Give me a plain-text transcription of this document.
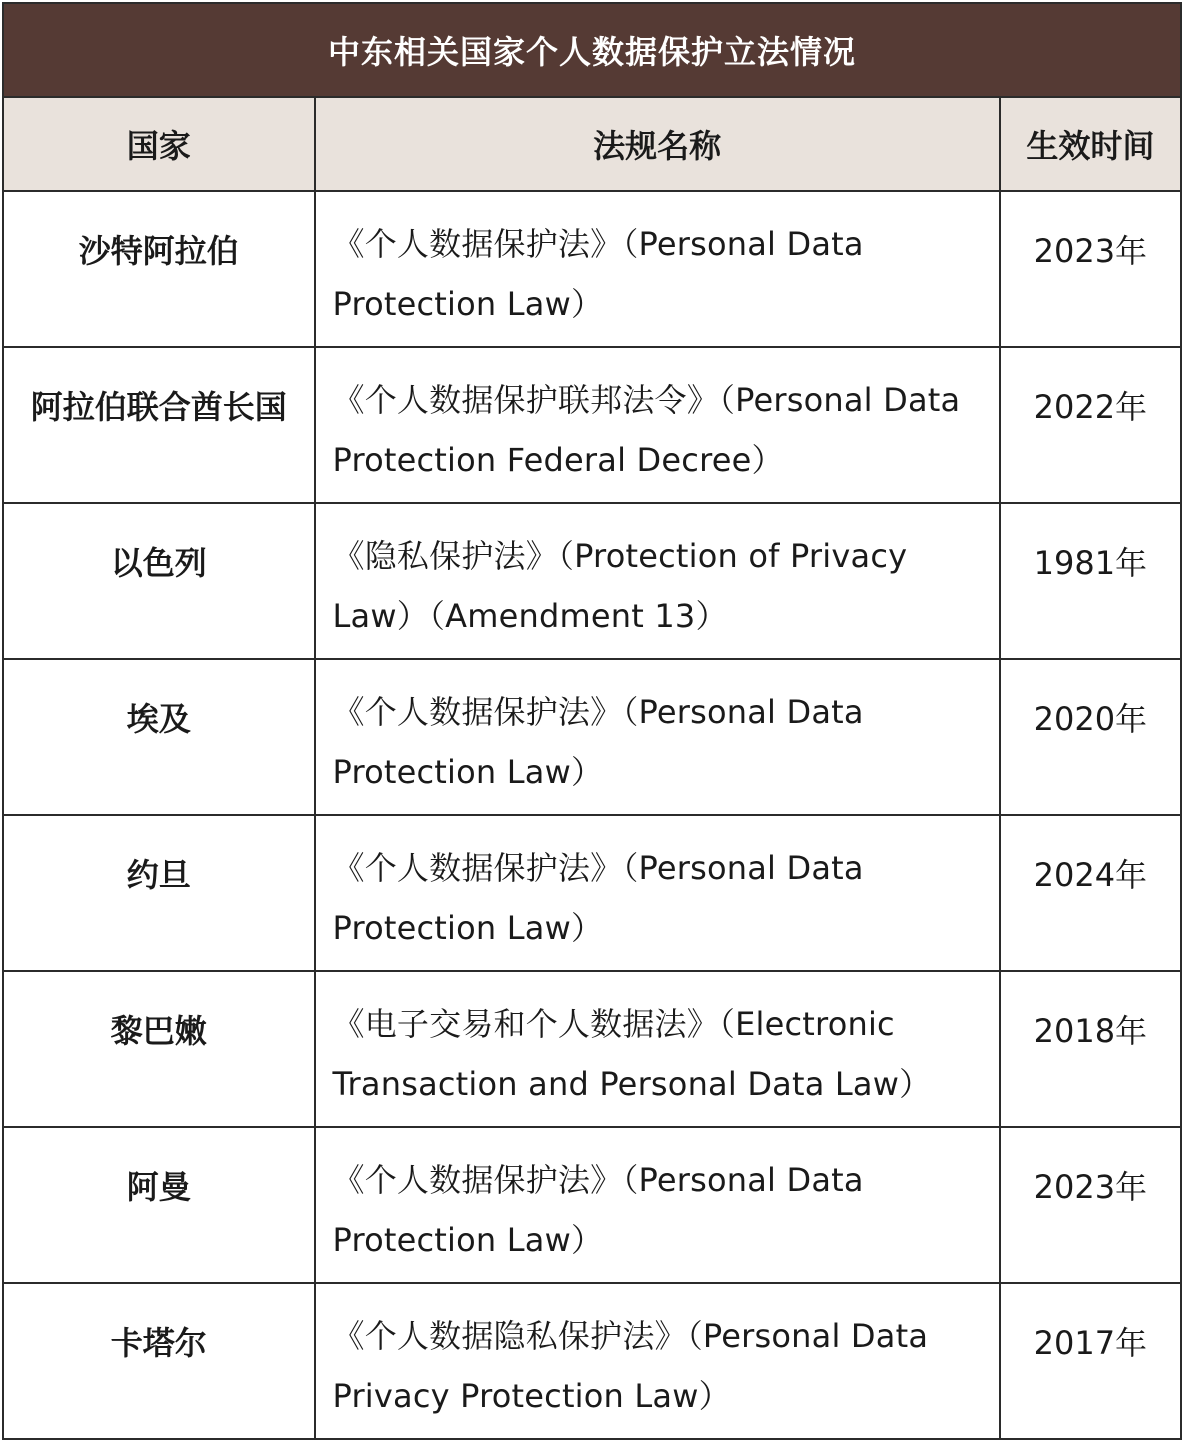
中东相关国家个人数据保护立法情况		
国家	法规名称	生效时间
沙特阿拉伯	《个人数据保护法》（Personal Data Protection Law）	2023年
阿拉伯联合酋长国	《个人数据保护联邦法令》（Personal Data Protection Federal Decree）	2022年
以色列	《隐私保护法》（Protection of Privacy Law）（Amendment 13）	1981年
埃及	《个人数据保护法》（Personal Data Protection Law）	2020年
约旦	《个人数据保护法》（Personal Data Protection Law）	2024年
黎巴嫩	《电子交易和个人数据法》（Electronic Transaction and Personal Data Law）	2018年
阿曼	《个人数据保护法》（Personal Data Protection Law）	2023年
卡塔尔	《个人数据隐私保护法》（Personal Data Privacy Protection Law）	2017年
